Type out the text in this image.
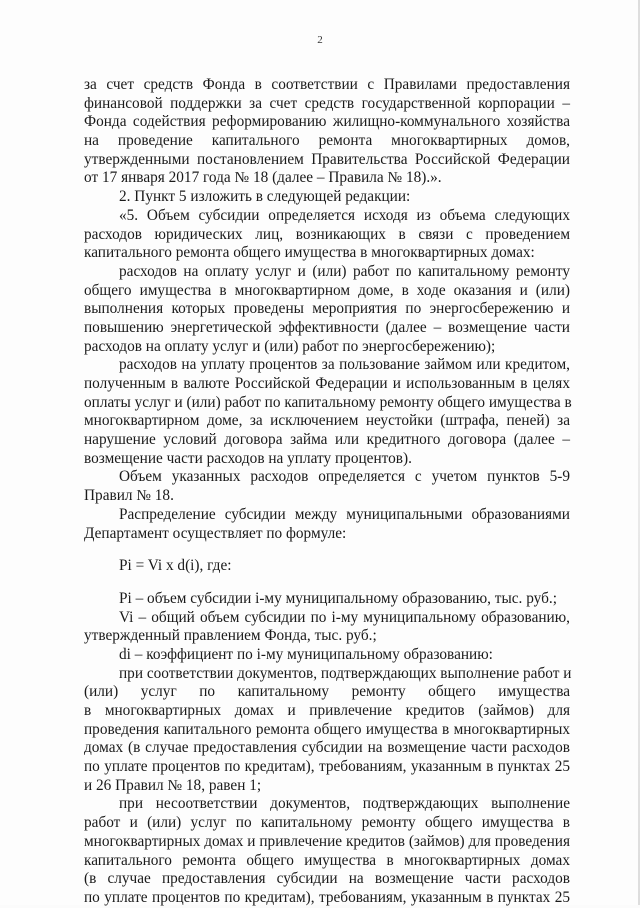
2
за счет средств Фонда в соответствии с Правилами предоставления
финансовой поддержки за счет средств государственной корпорации –
Фонда содействия реформированию жилищно-коммунального хозяйства
на проведение капитального ремонта многоквартирных домов,
утвержденными постановлением Правительства Российской Федерации
от 17 января 2017 года № 18 (далее – Правила № 18).».
2. Пункт 5 изложить в следующей редакции:
«5. Объем субсидии определяется исходя из объема следующих
расходов юридических лиц, возникающих в связи с проведением
капитального ремонта общего имущества в многоквартирных домах:
расходов на оплату услуг и (или) работ по капитальному ремонту
общего имущества в многоквартирном доме, в ходе оказания и (или)
выполнения которых проведены мероприятия по энергосбережению и
повышению энергетической эффективности (далее – возмещение части
расходов на оплату услуг и (или) работ по энергосбережению);
расходов на уплату процентов за пользование займом или кредитом,
полученным в валюте Российской Федерации и использованным в целях
оплаты услуг и (или) работ по капитальному ремонту общего имущества в
многоквартирном доме, за исключением неустойки (штрафа, пеней) за
нарушение условий договора займа или кредитного договора (далее –
возмещение части расходов на уплату процентов).
Объем указанных расходов определяется с учетом пунктов 5-9
Правил № 18.
Распределение субсидии между муниципальными образованиями
Департамент осуществляет по формуле:
Pi = Vi x d(i), где:
Pi – объем субсидии i-му муниципальному образованию, тыс. руб.;
Vi – общий объем субсидии по i-му муниципальному образованию,
утвержденный правлением Фонда, тыс. руб.;
di – коэффициент по i-му муниципальному образованию:
при соответствии документов, подтверждающих выполнение работ и
(или) услуг по капитальному ремонту общего имущества
в многоквартирных домах и привлечение кредитов (займов) для
проведения капитального ремонта общего имущества в многоквартирных
домах (в случае предоставления субсидии на возмещение части расходов
по уплате процентов по кредитам), требованиям, указанным в пунктах 25
и 26 Правил № 18, равен 1;
при несоответствии документов, подтверждающих выполнение
работ и (или) услуг по капитальному ремонту общего имущества в
многоквартирных домах и привлечение кредитов (займов) для проведения
капитального ремонта общего имущества в многоквартирных домах
(в случае предоставления субсидии на возмещение части расходов
по уплате процентов по кредитам), требованиям, указанным в пунктах 25
